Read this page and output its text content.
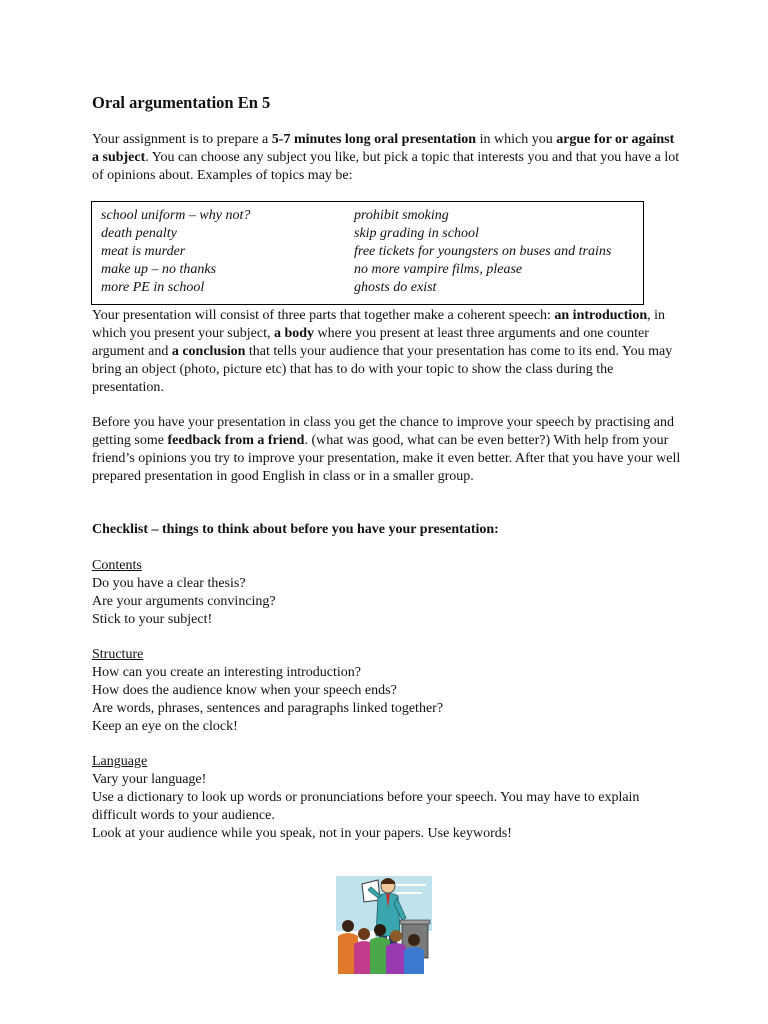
Oral argumentation En 5
Your assignment is to prepare a 5-7 minutes long oral presentation in which you argue for or against a subject. You can choose any subject you like, but pick a topic that interests you and that you have a lot of opinions about. Examples of topics may be:
school uniform – why not?
death penalty
meat is murder
make up – no thanks
more PE in school
prohibit smoking
skip grading in school
free tickets for youngsters on buses and trains
no more vampire films, please
ghosts do exist
Your presentation will consist of three parts that together make a coherent speech: an introduction, in which you present your subject, a body where you present at least three arguments and one counter argument and a conclusion that tells your audience that your presentation has come to its end. You may bring an object (photo, picture etc) that has to do with your topic to show the class during the presentation.
Before you have your presentation in class you get the chance to improve your speech by practising and getting some feedback from a friend. (what was good, what can be even better?) With help from your friend’s opinions you try to improve your presentation, make it even better. After that you have your well prepared presentation in good English in class or in a smaller group.
Checklist – things to think about before you have your presentation:
Contents
Do you have a clear thesis?
Are your arguments convincing?
Stick to your subject!
Structure
How can you create an interesting introduction?
How does the audience know when your speech ends?
Are words, phrases, sentences and paragraphs linked together?
Keep an eye on the clock!
Language
Vary your language!
Use a dictionary to look up words or pronunciations before your speech. You may have to explain difficult words to your audience.
Look at your audience while you speak, not in your papers. Use keywords!
